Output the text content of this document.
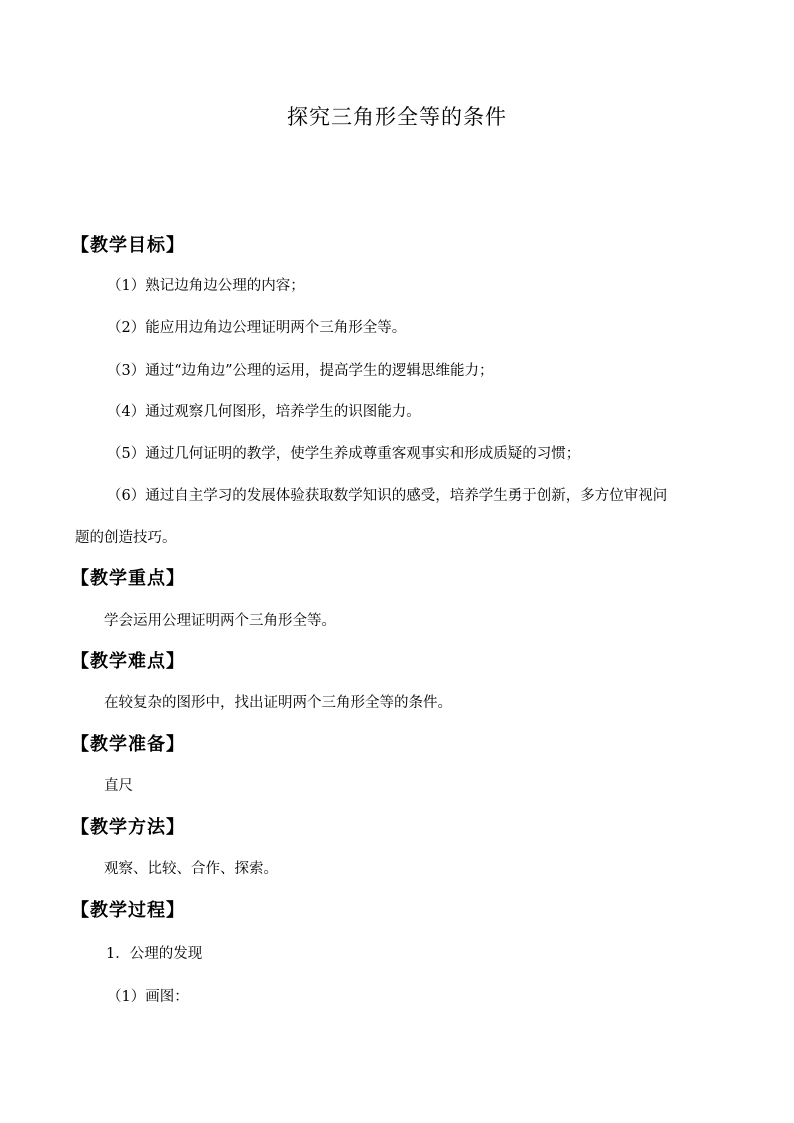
探究三角形全等的条件
【教学目标】
（1）熟记边角边公理的内容；
（2）能应用边角边公理证明两个三角形全等。
（3）通过“边角边”公理的运用，提高学生的逻辑思维能力；
（4）通过观察几何图形，培养学生的识图能力。
（5）通过几何证明的教学，使学生养成尊重客观事实和形成质疑的习惯；
（6）通过自主学习的发展体验获取数学知识的感受，培养学生勇于创新，多方位审视问
题的创造技巧。
【教学重点】
学会运用公理证明两个三角形全等。
【教学难点】
在较复杂的图形中，找出证明两个三角形全等的条件。
【教学准备】
直尺
【教学方法】
观察、比较、合作、探索。
【教学过程】
1．公理的发现
（1）画图：
